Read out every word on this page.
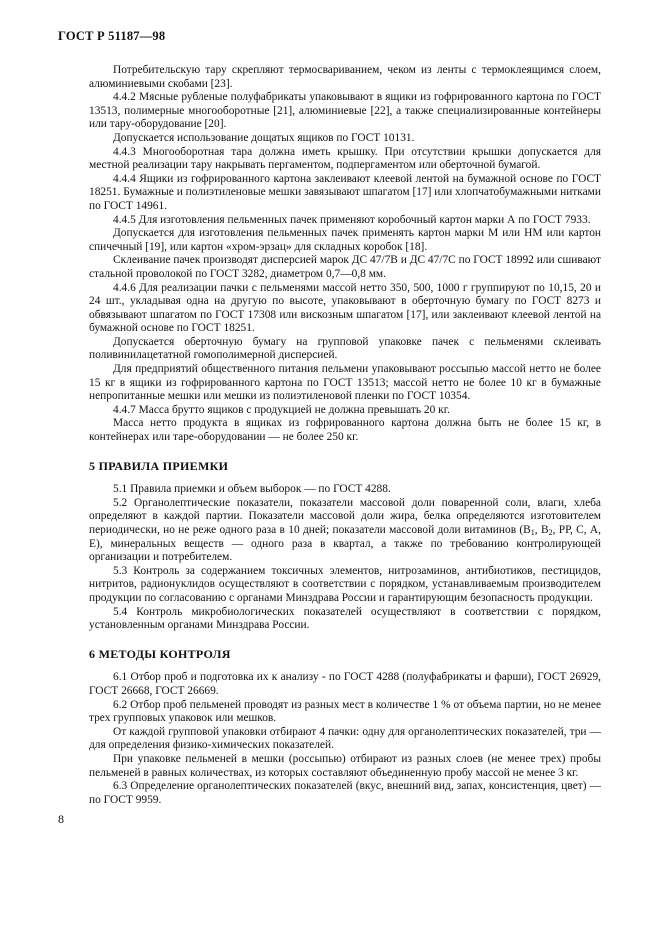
ГОСТ Р 51187—98

Потребительскую тару скрепляют термосвариванием, чеком из ленты с термоклеящимся слоем, алюминиевыми скобами [23].

4.4.2 Мясные рубленые полуфабрикаты упаковывают в ящики из гофрированного картона по ГОСТ 13513, полимерные многооборотные [21], алюминиевые [22], а также специализированные контейнеры или тару-оборудование [20].

Допускается использование дощатых ящиков по ГОСТ 10131.

4.4.3 Многооборотная тара должна иметь крышку. При отсутствии крышки допускается для местной реализации тару накрывать пергаментом, подпергаментом или оберточной бумагой.

4.4.4 Ящики из гофрированного картона заклеивают клеевой лентой на бумажной основе по ГОСТ 18251. Бумажные и полиэтиленовые мешки завязывают шпагатом [17] или хлопчатобумажными нитками по ГОСТ 14961.

4.4.5 Для изготовления пельменных пачек применяют коробочный картон марки А по ГОСТ 7933.

Допускается для изготовления пельменных пачек применять картон марки М или НМ или картон спичечный [19], или картон «хром-эрзац» для складных коробок [18].

Склеивание пачек производят дисперсией марок ДС 47/7В и ДС 47/7С по ГОСТ 18992 или сшивают стальной проволокой по ГОСТ 3282, диаметром 0,7—0,8 мм.

4.4.6 Для реализации пачки с пельменями массой нетто 350, 500, 1000 г группируют по 10,15, 20 и 24 шт., укладывая одна на другую по высоте, упаковывают в оберточную бумагу по ГОСТ 8273 и обвязывают шпагатом по ГОСТ 17308 или вискозным шпагатом [17], или заклеивают клеевой лентой на бумажной основе по ГОСТ 18251.

Допускается оберточную бумагу на групповой упаковке пачек с пельменями склеивать поливинилацетатной гомополимерной дисперсией.

Для предприятий общественного питания пельмени упаковывают россыпью массой нетто не более 15 кг в ящики из гофрированного картона по ГОСТ 13513; массой нетто не более 10 кг в бумажные непропитанные мешки или мешки из полиэтиленовой пленки по ГОСТ 10354.

4.4.7 Масса брутто ящиков с продукцией не должна превышать 20 кг.

Масса нетто продукта в ящиках из гофрированного картона должна быть не более 15 кг, в контейнерах или таре-оборудовании — не более 250 кг.

5 ПРАВИЛА ПРИЕМКИ

5.1 Правила приемки и объем выборок — по ГОСТ 4288.

5.2 Органолептические показатели, показатели массовой доли поваренной соли, влаги, хлеба определяют в каждой партии. Показатели массовой доли жира, белка определяются изготовителем периодически, но не реже одного раза в 10 дней; показатели массовой доли витаминов ($В_1$, $В_2$, РР, С, А, Е), минеральных веществ — одного раза в квартал, а также по требованию контролирующей организации и потребителем.

5.3 Контроль за содержанием токсичных элементов, нитрозаминов, антибиотиков, пестицидов, нитритов, радионуклидов осуществляют в соответствии с порядком, устанавливаемым производителем продукции по согласованию с органами Минздрава России и гарантирующим безопасность продукции.

5.4 Контроль микробиологических показателей осуществляют в соответствии с порядком, установленным органами Минздрава России.

6 МЕТОДЫ КОНТРОЛЯ

6.1 Отбор проб и подготовка их к анализу - по ГОСТ 4288 (полуфабрикаты и фарши), ГОСТ 26929, ГОСТ 26668, ГОСТ 26669.

6.2 Отбор проб пельменей проводят из разных мест в количестве 1 % от объема партии, но не менее трех групповых упаковок или мешков.

От каждой групповой упаковки отбирают 4 пачки: одну для органолептических показателей, три — для определения физико-химических показателей.

При упаковке пельменей в мешки (россыпью) отбирают из разных слоев (не менее трех) пробы пельменей в равных количествах, из которых составляют объединенную пробу массой не менее 3 кг.

6.3 Определение органолептических показателей (вкус, внешний вид, запах, консистенция, цвет) — по ГОСТ 9959.

8
